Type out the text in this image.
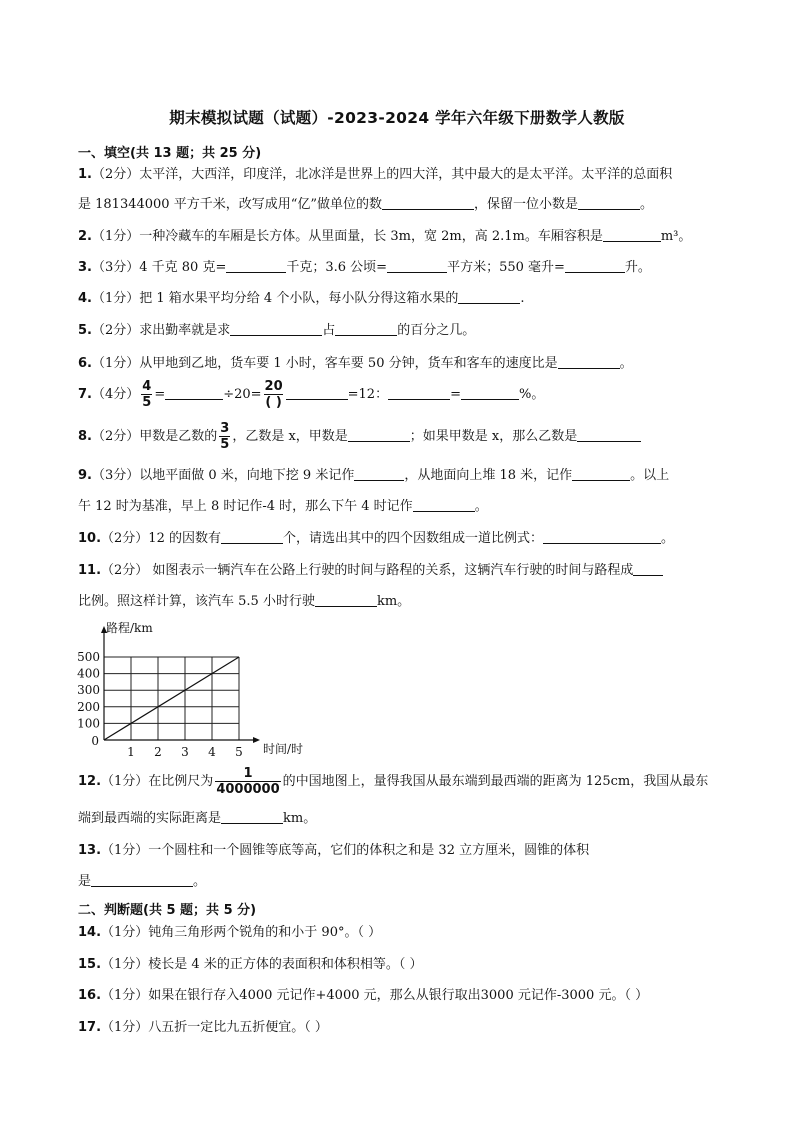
期末模拟试题（试题）-2023-2024 学年六年级下册数学人教版
一、填空(共 13 题；共 25 分)
1.（2分）太平洋，大西洋，印度洋，北冰洋是世界上的四大洋，其中最大的是太平洋。太平洋的总面积
是 181344000 平方千米，改写成用“亿”做单位的数	，保留一位小数是	。
2.（1分）一种冷藏车的车厢是长方体。从里面量，长 3m，宽 2m，高 2.1m。车厢容积是	m³。
3.（3分）4 千克 80 克=	千克；3.6 公顷=	平方米；550 毫升=	升。
4.（1分）把 1 箱水果平均分给 4 个小队，每小队分得这箱水果的	.
5.（2分）求出勤率就是求	占	的百分之几。
6.（1分）从甲地到乙地，货车要 1 小时，客车要 50 分钟，货车和客车的速度比是	。
7.（4分） $\frac{4}{5}$ =	$\div 20= \frac{20}{( )}$	=12：	=	%。
8.（2分）甲数是乙数的 $\frac{3}{5}$ ，乙数是 x，甲数是	；如果甲数是 x，那么乙数是
9.（3分）以地平面做 0 米，向地下挖 9 米记作	，从地面向上堆 18 米，记作	。以上
午 12 时为基准，早上 8 时记作-4 时，那么下午 4 时记作	。
10.（2分）12 的因数有	个，请选出其中的四个因数组成一道比例式：	。
11.（2分） 如图表示一辆汽车在公路上行驶的时间与路程的关系，这辆汽车行驶的时间与路程成
比例。照这样计算，该汽车 5.5 小时行驶	km。
1 2 3 4 5
100
200
300
400
500
0
路程/km
时间/时
12.（1分）在比例尺为 $\frac{1}{4000000}$ 的中国地图上，量得我国从最东端到最西端的距离为 125cm，我国从最东
端到最西端的实际距离是	km。
13.（1分）一个圆柱和一个圆锥等底等高，它们的体积之和是 32 立方厘米，圆锥的体积
是	。
二、判断题(共 5 题；共 5 分)
14.（1分）钝角三角形两个锐角的和小于 90°。（ ）
15.（1分）棱长是 4 米的正方体的表面积和体积相等。（ ）
16.（1分）如果在银行存入4000 元记作+4000 元，那么从银行取出3000 元记作-3000 元。（ ）
17.（1分）八五折一定比九五折便宜。（ ）
